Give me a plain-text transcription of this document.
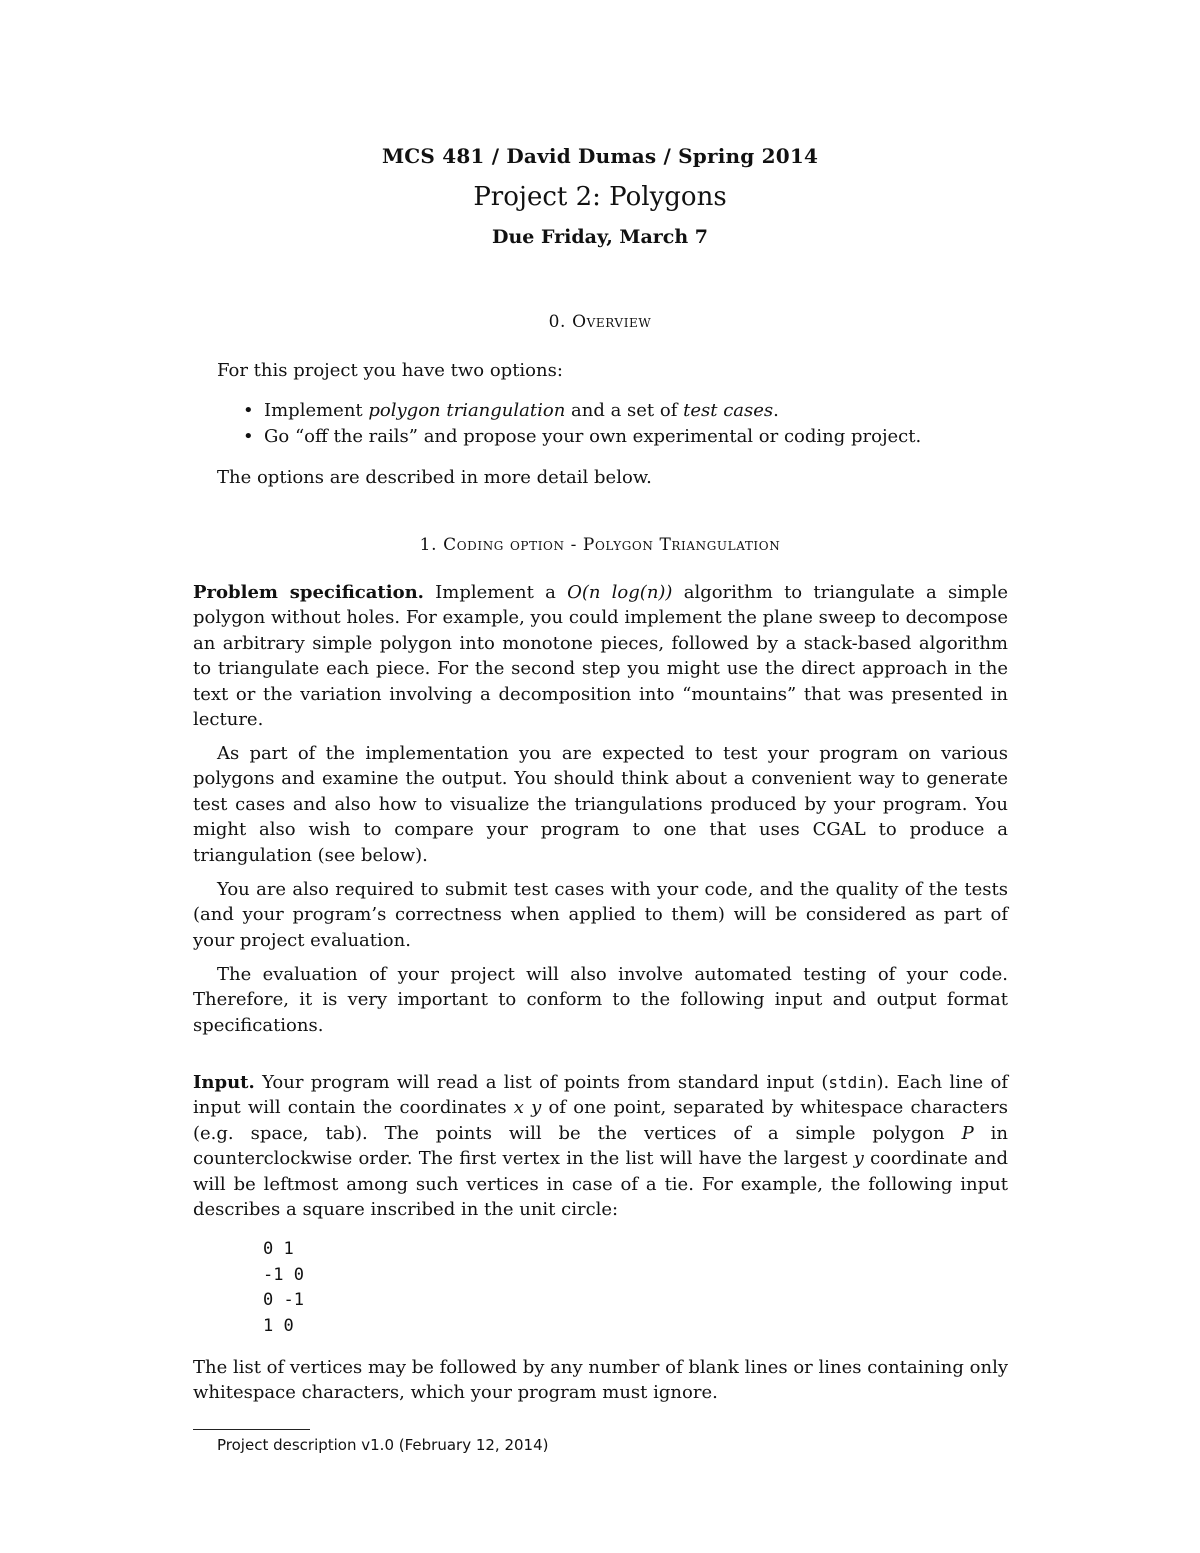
MCS 481 / David Dumas / Spring 2014
Project 2: Polygons
Due Friday, March 7
0. Overview
For this project you have two options:
• Implement polygon triangulation and a set of test cases.
• Go “off the rails” and propose your own experimental or coding project.
The options are described in more detail below.
1. Coding option - Polygon Triangulation
Problem specification. Implement a O(n log(n)) algorithm to triangulate a simple polygon without holes. For example, you could implement the plane sweep to decompose an arbitrary simple polygon into monotone pieces, followed by a stack-based algorithm to triangulate each piece. For the second step you might use the direct approach in the text or the variation involving a decomposition into “mountains” that was presented in lecture.
As part of the implementation you are expected to test your program on various polygons and examine the output. You should think about a convenient way to generate test cases and also how to visualize the triangulations produced by your program. You might also wish to compare your program to one that uses CGAL to produce a triangulation (see below).
You are also required to submit test cases with your code, and the quality of the tests (and your program’s correctness when applied to them) will be considered as part of your project evaluation.
The evaluation of your project will also involve automated testing of your code. Therefore, it is very important to conform to the following input and output format specifications.
Input. Your program will read a list of points from standard input (stdin). Each line of input will contain the coordinates x y of one point, separated by whitespace characters (e.g. space, tab). The points will be the vertices of a simple polygon P in counterclockwise order. The first vertex in the list will have the largest y coordinate and will be leftmost among such vertices in case of a tie. For example, the following input describes a square inscribed in the unit circle:
0 1
-1 0
0 -1
1 0
The list of vertices may be followed by any number of blank lines or lines containing only whitespace characters, which your program must ignore.
Project description v1.0 (February 12, 2014)
